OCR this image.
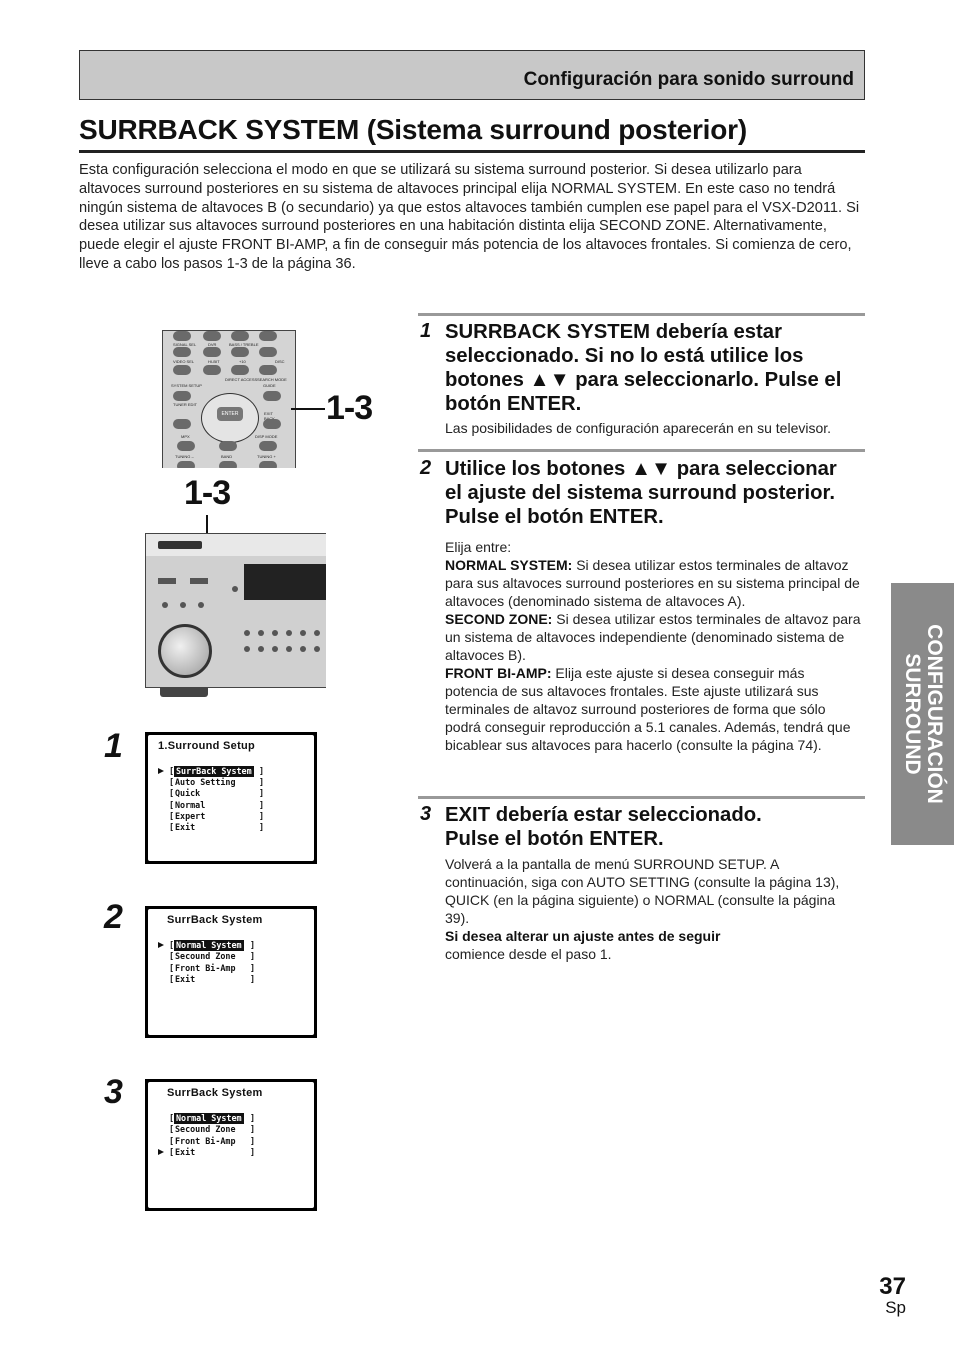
Configuración para sonido surround
SURRBACK SYSTEM (Sistema surround posterior)

Esta configuración selecciona el modo en que se utilizará su sistema surround posterior. Si desea utilizarlo para altavoces surround posteriores en su sistema de altavoces principal elija NORMAL SYSTEM. En este caso no tendrá ningún sistema de altavoces B (o secundario) ya que estos altavoces también cumplen ese papel para el VSX-D2011. Si desea utilizar sus altavoces surround posteriores en una habitación distinta elija SECOND ZONE. Alternativamente, puede elegir el ajuste FRONT BI-AMP, a fin de conseguir más potencia de los altavoces frontales. Si comienza de cero, lleve a cabo los pasos 1-3 de la página 36.

CONFIGURACIÓN
SURROUND
SIGNAL SEL	DVR	BASS / TREBLE
VIDEO SEL	HI-BIT	+10	DISC
DIRECT ACCESS SEARCH MODE
SYSTEM SETUP	GUIDE
TUNER EDIT
ENTER	EXIT
MPX	DISP MODE
TUNING –	BAND	TUNING +
1-3
1-3
1 SURRBACK SYSTEM debería estar
seleccionado. Si no lo está utilice los
botones ▲▼ para seleccionarlo. Pulse el
botón ENTER.
Las posibilidades de configuración aparecerán en su televisor.
2 Utilice los botones ▲▼ para seleccionar
el ajuste del sistema surround posterior.
Pulse el botón ENTER.
Elija entre:
NORMAL SYSTEM: Si desea utilizar estos terminales de altavoz para sus altavoces surround posteriores en su sistema principal de altavoces (denominado sistema de altavoces A).
SECOND ZONE: Si desea utilizar estos terminales de altavoz para un sistema de altavoces independiente (denominado sistema de altavoces B).
FRONT BI-AMP: Elija este ajuste si desea conseguir más potencia de sus altavoces frontales. Este ajuste utilizará sus terminales de altavoz surround posteriores de forma que sólo podrá conseguir reproducción a 5.1 canales. Además, tendrá que bicablear sus altavoces para hacerlo (consulte la página 74).
3 EXIT debería estar seleccionado.
Pulse el botón ENTER.
Volverá a la pantalla de menú SURROUND SETUP. A continuación, siga con AUTO SETTING (consulte la página 13), QUICK (en la página siguiente) o NORMAL (consulte la página 39).
Si desea alterar un ajuste antes de seguir
comience desde el paso 1.
1	1.Surround Setup
[ SurrBack System ]
[ Auto Setting	]
[ Quick	]
[ Normal	]
[ Expert	]
[ Exit	]
2	SurrBack System
[ Normal System ]
[ Secound Zone ]
[ Front Bi-Amp ]
[ Exit	]
3	SurrBack System
[ Normal System ]
[ Secound Zone ]
[ Front Bi-Amp ]
[ Exit	]
37
Sp
